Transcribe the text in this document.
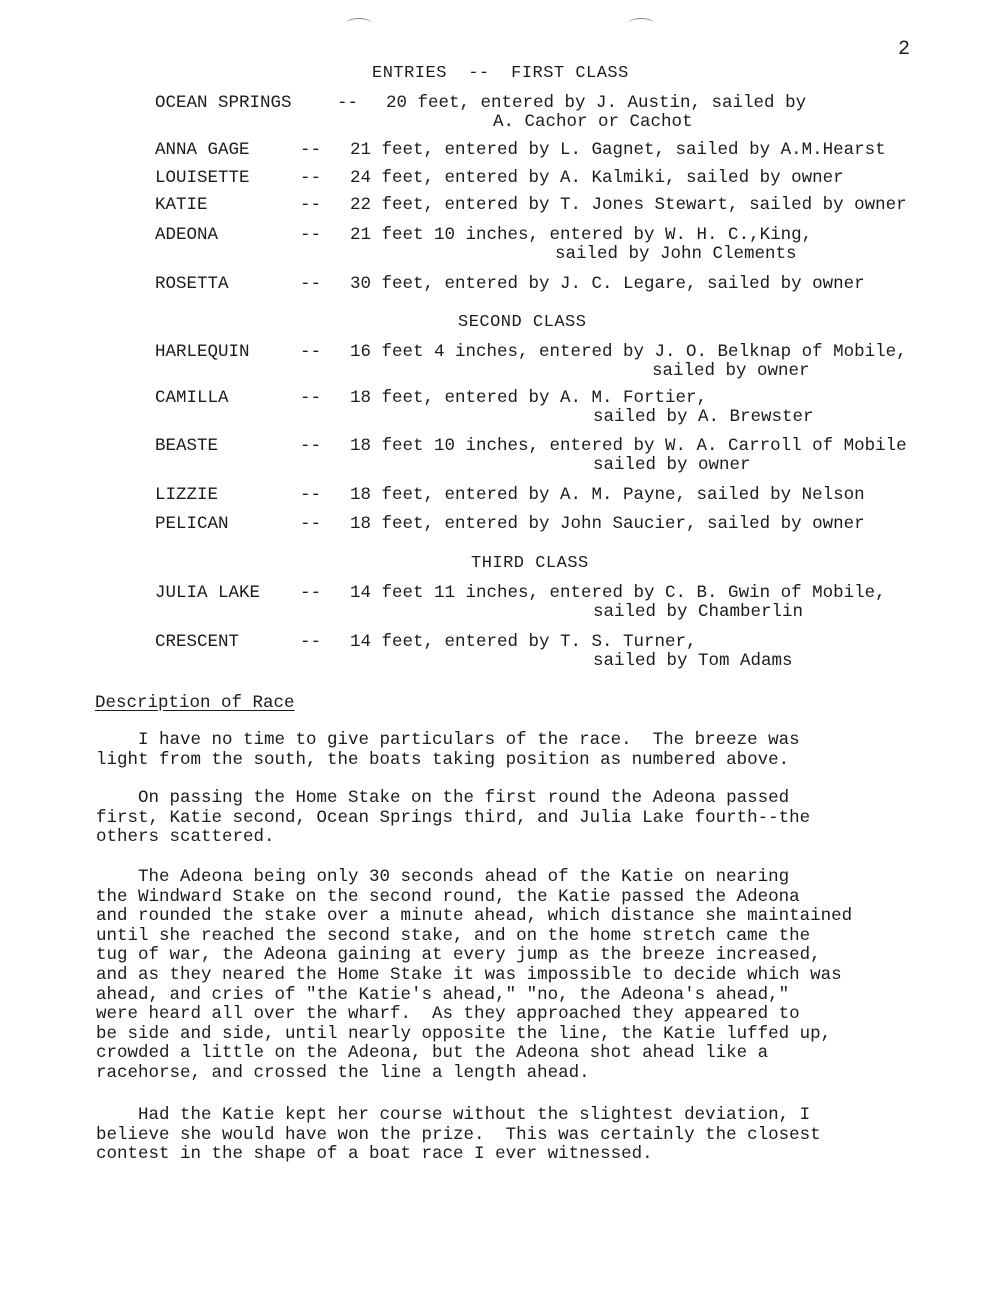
2
ENTRIES  --  FIRST CLASS
OCEAN SPRINGS	-- 20 feet, entered by J. Austin, sailed by
A. Cachor or Cachot
ANNA GAGE	-- 21 feet, entered by L. Gagnet, sailed by A.M.Hearst
LOUISETTE	-- 24 feet, entered by A. Kalmiki, sailed by owner
KATIE	-- 22 feet, entered by T. Jones Stewart, sailed by owner
ADEONA	-- 21 feet 10 inches, entered by W. H. C.,King,
sailed by John Clements
ROSETTA	-- 30 feet, entered by J. C. Legare, sailed by owner
SECOND CLASS
HARLEQUIN	-- 16 feet 4 inches, entered by J. O. Belknap of Mobile,
sailed by owner
CAMILLA	-- 18 feet, entered by A. M. Fortier,
sailed by A. Brewster
BEASTE	-- 18 feet 10 inches, entered by W. A. Carroll of Mobile
sailed by owner
LIZZIE	-- 18 feet, entered by A. M. Payne, sailed by Nelson
PELICAN	-- 18 feet, entered by John Saucier, sailed by owner
THIRD CLASS
JULIA LAKE -- 14 feet 11 inches, entered by C. B. Gwin of Mobile,
sailed by Chamberlin
CRESCENT	-- 14 feet, entered by T. S. Turner,
sailed by Tom Adams
Description of Race
I have no time to give particulars of the race.  The breeze was
light from the south, the boats taking position as numbered above.
On passing the Home Stake on the first round the Adeona passed
first, Katie second, Ocean Springs third, and Julia Lake fourth--the
others scattered.
The Adeona being only 30 seconds ahead of the Katie on nearing
the Windward Stake on the second round, the Katie passed the Adeona
and rounded the stake over a minute ahead, which distance she maintained
until she reached the second stake, and on the home stretch came the
tug of war, the Adeona gaining at every jump as the breeze increased,
and as they neared the Home Stake it was impossible to decide which was
ahead, and cries of "the Katie's ahead," "no, the Adeona's ahead,"
were heard all over the wharf.  As they approached they appeared to
be side and side, until nearly opposite the line, the Katie luffed up,
crowded a little on the Adeona, but the Adeona shot ahead like a
racehorse, and crossed the line a length ahead.
Had the Katie kept her course without the slightest deviation, I
believe she would have won the prize.  This was certainly the closest
contest in the shape of a boat race I ever witnessed.
